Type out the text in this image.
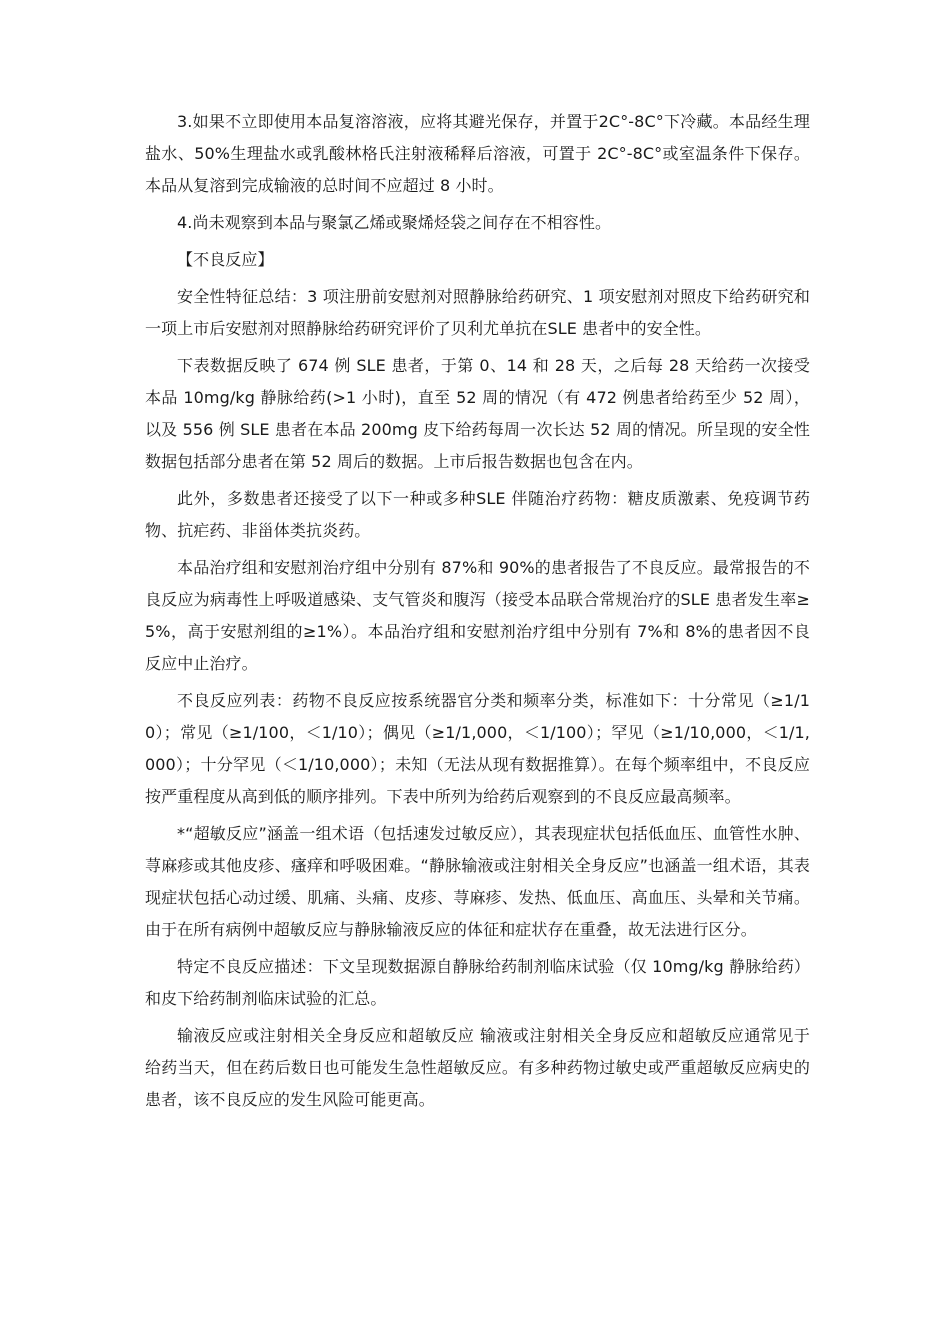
3.如果不立即使用本品复溶溶液，应将其避光保存，并置于2C°-8C°下冷藏。本品经生理盐水、50%生理盐水或乳酸林格氏注射液稀释后溶液，可置于 2C°-8C°或室温条件下保存。本品从复溶到完成输液的总时间不应超过 8 小时。

4.尚未观察到本品与聚氯乙烯或聚烯烃袋之间存在不相容性。

【不良反应】

安全性特征总结：3 项注册前安慰剂对照静脉给药研究、1 项安慰剂对照皮下给药研究和一项上市后安慰剂对照静脉给药研究评价了贝利尤单抗在SLE 患者中的安全性。

下表数据反映了 674 例 SLE 患者，于第 0、14 和 28 天，之后每 28 天给药一次接受本品 10mg/kg 静脉给药(>1 小时)，直至 52 周的情况（有 472 例患者给药至少 52 周），以及 556 例 SLE 患者在本品 200mg 皮下给药每周一次长达 52 周的情况。所呈现的安全性数据包括部分患者在第 52 周后的数据。上市后报告数据也包含在内。

此外，多数患者还接受了以下一种或多种SLE 伴随治疗药物：糖皮质激素、免疫调节药物、抗疟药、非甾体类抗炎药。

本品治疗组和安慰剂治疗组中分别有 87%和 90%的患者报告了不良反应。最常报告的不良反应为病毒性上呼吸道感染、支气管炎和腹泻（接受本品联合常规治疗的SLE 患者发生率≥5%，高于安慰剂组的≥1%）。本品治疗组和安慰剂治疗组中分别有 7%和 8%的患者因不良反应中止治疗。

不良反应列表：药物不良反应按系统器官分类和频率分类，标准如下：十分常见（≥1/10）；常见（≥1/100，＜1/10）；偶见（≥1/1,000，＜1/100）；罕见（≥1/10,000，＜1/1,000）；十分罕见（＜1/10,000）；未知（无法从现有数据推算）。在每个频率组中，不良反应按严重程度从高到低的顺序排列。下表中所列为给药后观察到的不良反应最高频率。

*“超敏反应”涵盖一组术语（包括速发过敏反应），其表现症状包括低血压、血管性水肿、荨麻疹或其他皮疹、瘙痒和呼吸困难。“静脉输液或注射相关全身反应”也涵盖一组术语，其表现症状包括心动过缓、肌痛、头痛、皮疹、荨麻疹、发热、低血压、高血压、头晕和关节痛。由于在所有病例中超敏反应与静脉输液反应的体征和症状存在重叠，故无法进行区分。

特定不良反应描述：下文呈现数据源自静脉给药制剂临床试验（仅 10mg/kg 静脉给药）和皮下给药制剂临床试验的汇总。

输液反应或注射相关全身反应和超敏反应 输液或注射相关全身反应和超敏反应通常见于给药当天，但在药后数日也可能发生急性超敏反应。有多种药物过敏史或严重超敏反应病史的患者，该不良反应的发生风险可能更高。
